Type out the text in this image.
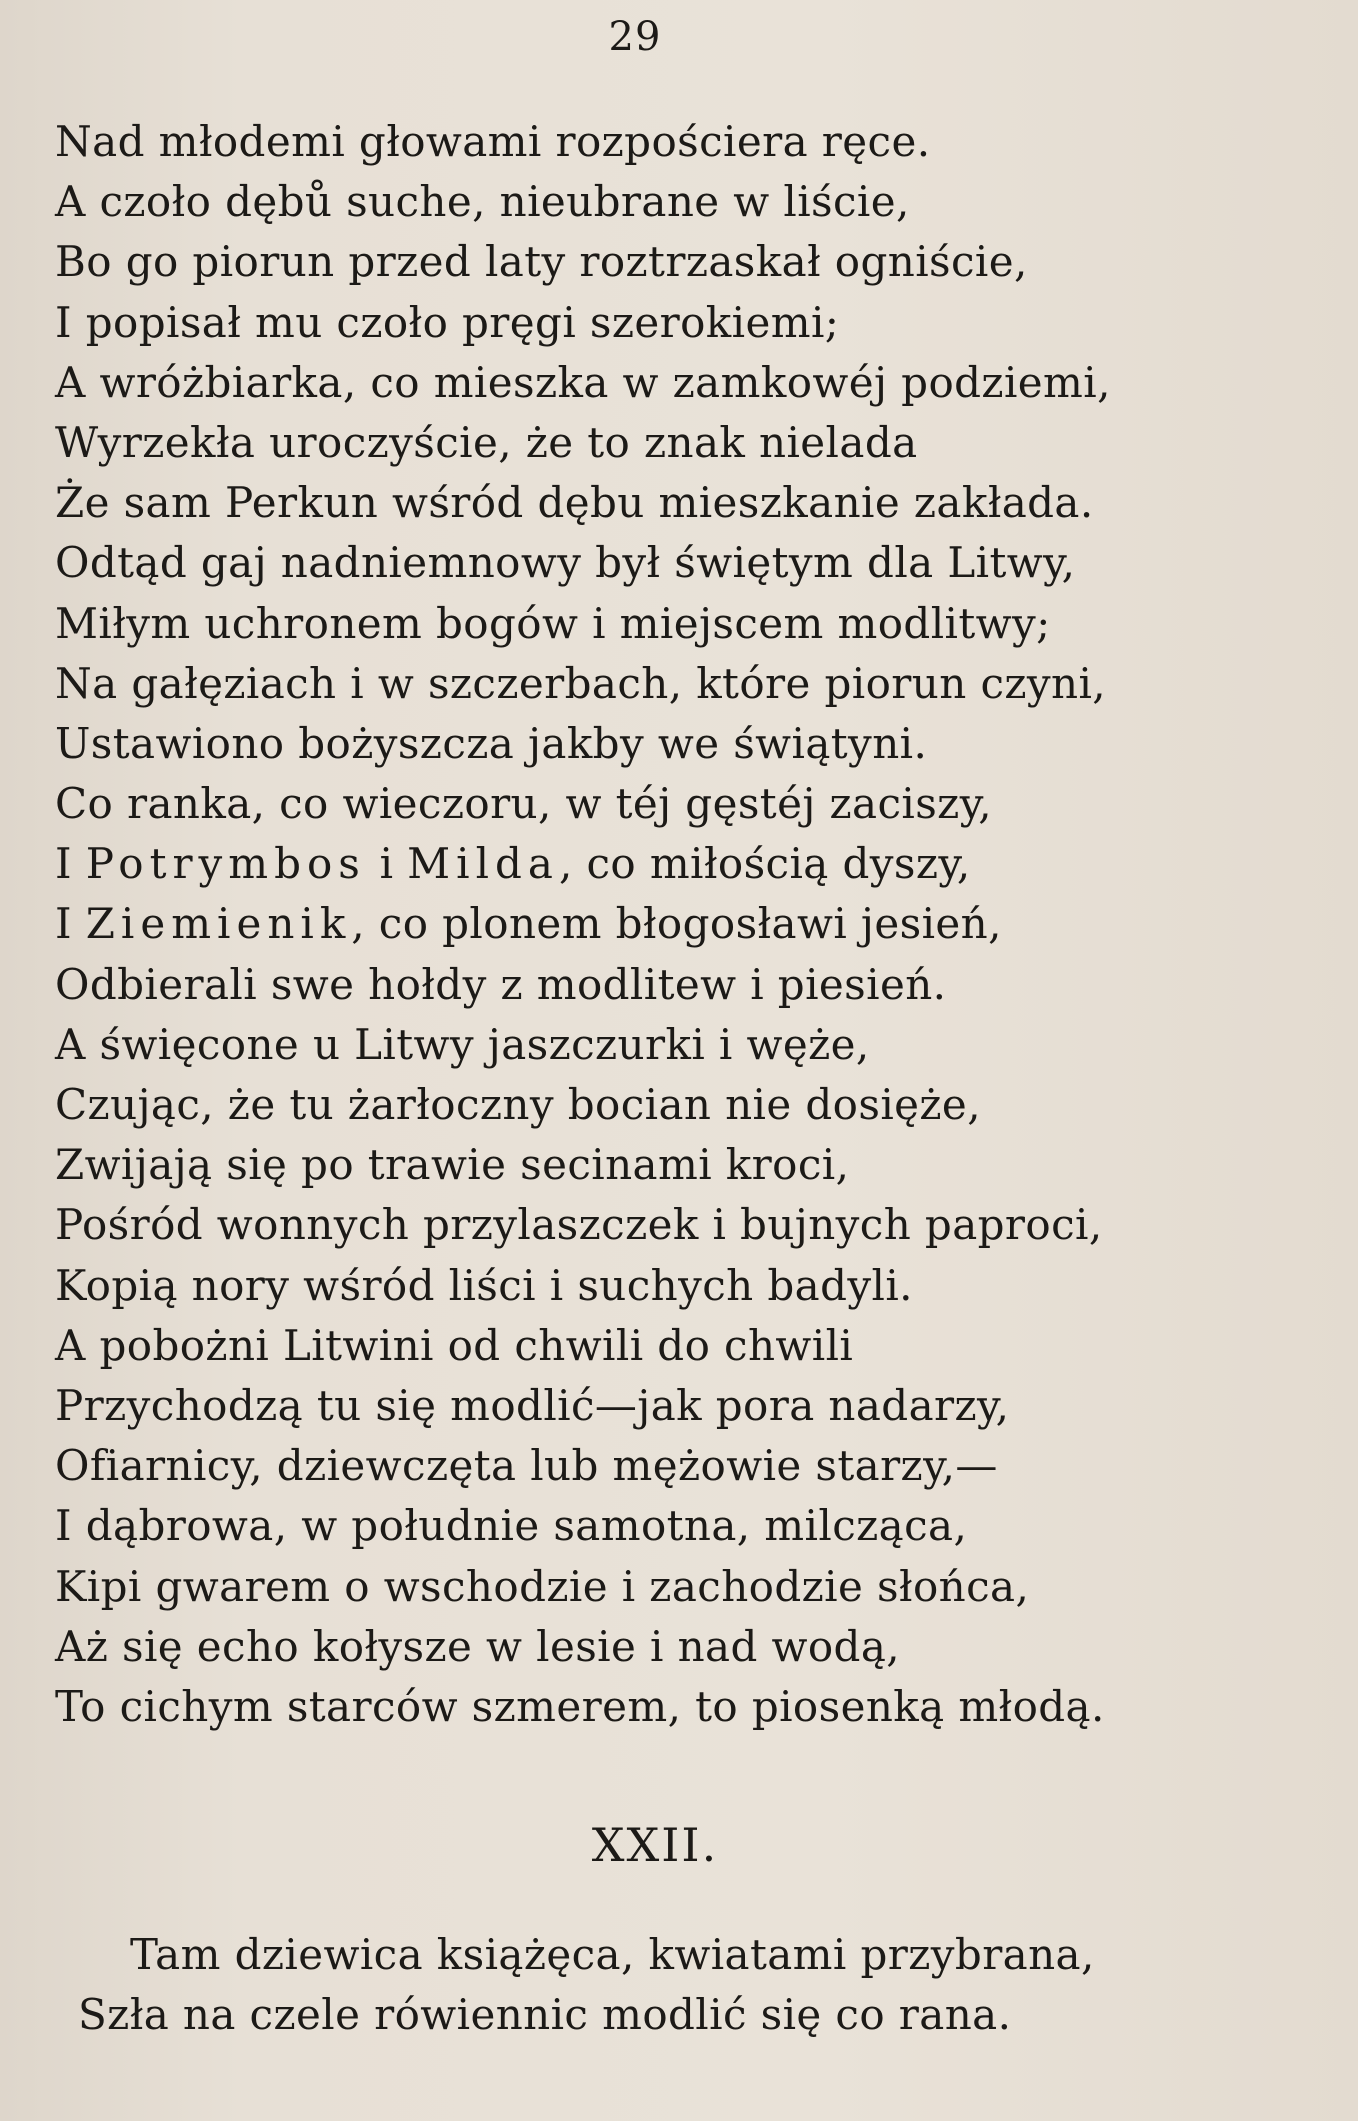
29
Nad młodemi głowami rozpościera ręce.
A czoło dębů suche, nieubrane w liście,
Bo go piorun przed laty roztrzaskał ogniście,
I popisał mu czoło pręgi szerokiemi;
A wróżbiarka, co mieszka w zamkowéj podziemi,
Wyrzekła uroczyście, że to znak nielada
Że sam Perkun wśród dębu mieszkanie zakłada.
Odtąd gaj nadniemnowy był świętym dla Litwy,
Miłym uchronem bogów i miejscem modlitwy;
Na gałęziach i w szczerbach, które piorun czyni,
Ustawiono bożyszcza jakby we świątyni.
Co ranka, co wieczoru, w téj gęstéj zaciszy,
I Potrymbos i Milda, co miłością dyszy,
I Ziemienik, co plonem błogosławi jesień,
Odbierali swe hołdy z modlitew i piesień.
A święcone u Litwy jaszczurki i węże,
Czując, że tu żarłoczny bocian nie dosięże,
Zwijają się po trawie secinami kroci,
Pośród wonnych przylaszczek i bujnych paproci,
Kopią nory wśród liści i suchych badyli.
A pobożni Litwini od chwili do chwili
Przychodzą tu się modlić—jak pora nadarzy,
Ofiarnicy, dziewczęta lub mężowie starzy,—
I dąbrowa, w południe samotna, milcząca,
Kipi gwarem o wschodzie i zachodzie słońca,
Aż się echo kołysze w lesie i nad wodą,
To cichym starców szmerem, to piosenką młodą.
XXII.
Tam dziewica książęca, kwiatami przybrana,
Szła na czele rówiennic modlić się co rana.
